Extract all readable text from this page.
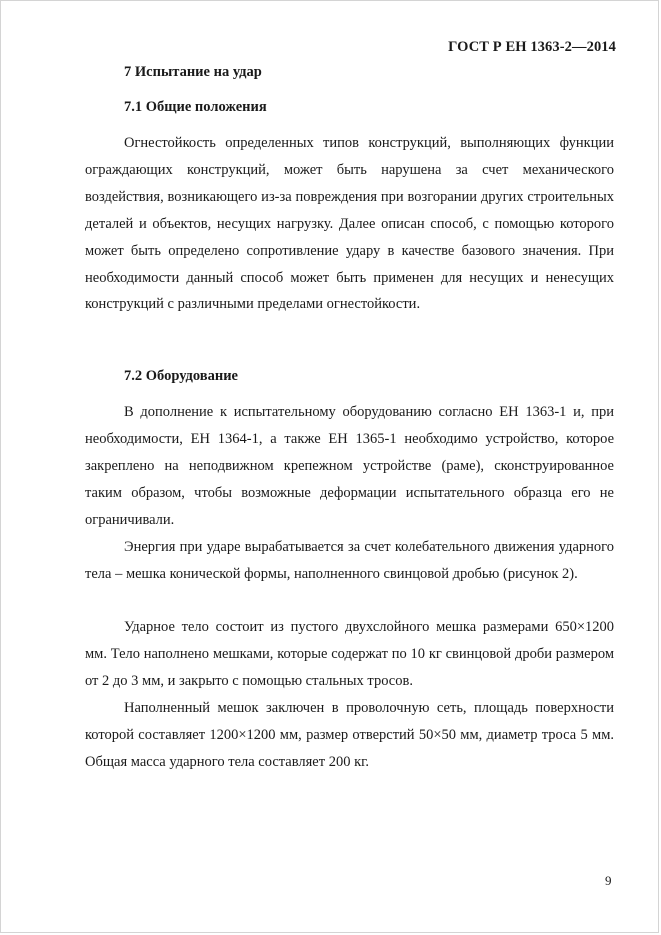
ГОСТ Р ЕН 1363-2—2014
7 Испытание на удар
7.1 Общие положения

Огнестойкость определенных типов конструкций, выполняющих функции ограждающих конструкций, может быть нарушена за счет механического воздействия, возникающего из-за повреждения при возгорании других строительных деталей и объектов, несущих нагрузку. Далее описан способ, с помощью которого может быть определено сопротивление удару в качестве базового значения. При необходимости данный способ может быть применен для несущих и ненесущих конструкций с различными пределами огнестойкости.

7.2 Оборудование

В дополнение к испытательному оборудованию согласно ЕН 1363-1 и, при необходимости, ЕН 1364-1, а также ЕН 1365-1 необходимо устройство, которое закреплено на неподвижном крепежном устройстве (раме), сконструированное таким образом, чтобы возможные деформации испытательного образца его не ограничивали.

Энергия при ударе вырабатывается за счет колебательного движения ударного тела – мешка конической формы, наполненного свинцовой дробью (рисунок 2).

Ударное тело состоит из пустого двухслойного мешка размерами 650×1200 мм. Тело наполнено мешками, которые содержат по 10 кг свинцовой дроби размером от 2 до 3 мм, и закрыто с помощью стальных тросов.

Наполненный мешок заключен в проволочную сеть, площадь поверхности которой составляет 1200×1200 мм, размер отверстий 50×50 мм, диаметр троса 5 мм. Общая масса ударного тела составляет 200 кг.

9
